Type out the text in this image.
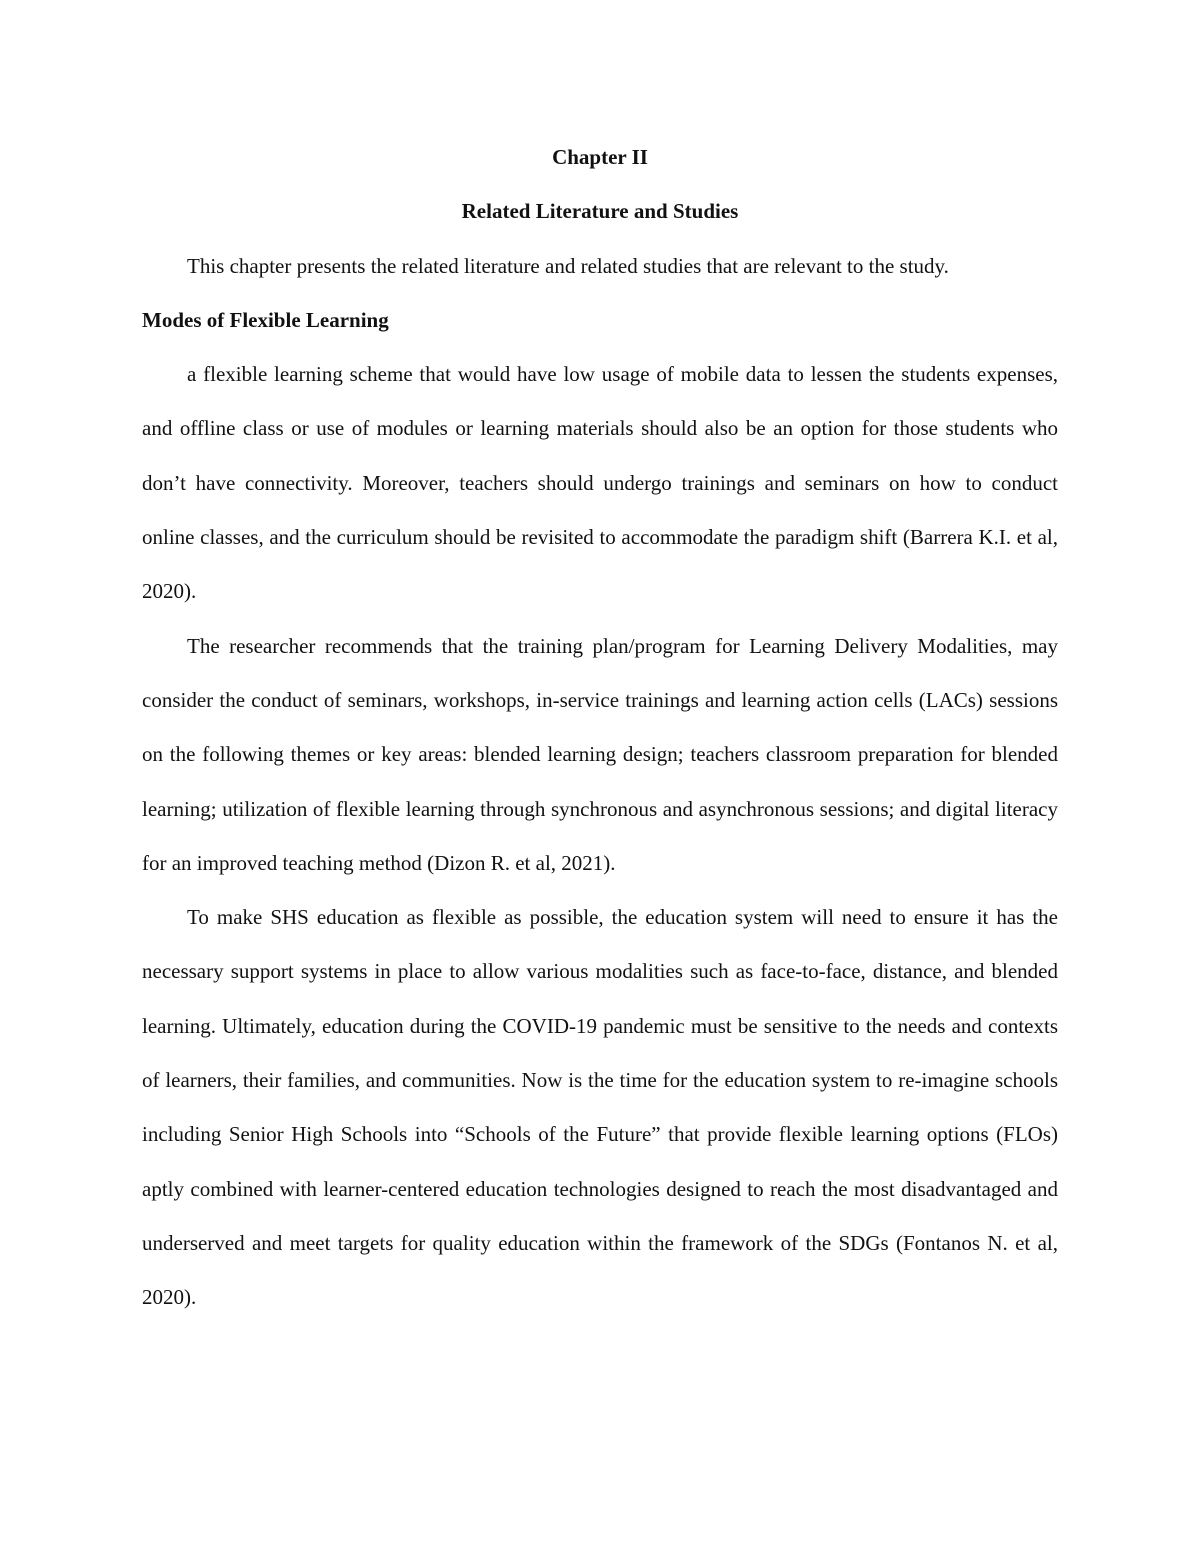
Chapter II

Related Literature and Studies

This chapter presents the related literature and related studies that are relevant to the study.

Modes of Flexible Learning

a flexible learning scheme that would have low usage of mobile data to lessen the students expenses, and offline class or use of modules or learning materials should also be an option for those students who don’t have connectivity. Moreover, teachers should undergo trainings and seminars on how to conduct online classes, and the curriculum should be revisited to accommodate the paradigm shift (Barrera K.I. et al, 2020).

The researcher recommends that the training plan/program for Learning Delivery Modalities, may consider the conduct of seminars, workshops, in-service trainings and learning action cells (LACs) sessions on the following themes or key areas: blended learning design; teachers classroom preparation for blended learning; utilization of flexible learning through synchronous and asynchronous sessions; and digital literacy for an improved teaching method (Dizon R. et al, 2021).

To make SHS education as flexible as possible, the education system will need to ensure it has the necessary support systems in place to allow various modalities such as face-to-face, distance, and blended learning. Ultimately, education during the COVID-19 pandemic must be sensitive to the needs and contexts of learners, their families, and communities. Now is the time for the education system to re-imagine schools including Senior High Schools into “Schools of the Future” that provide flexible learning options (FLOs) aptly combined with learner-centered education technologies designed to reach the most disadvantaged and underserved and meet targets for quality education within the framework of the SDGs (Fontanos N. et al, 2020).
